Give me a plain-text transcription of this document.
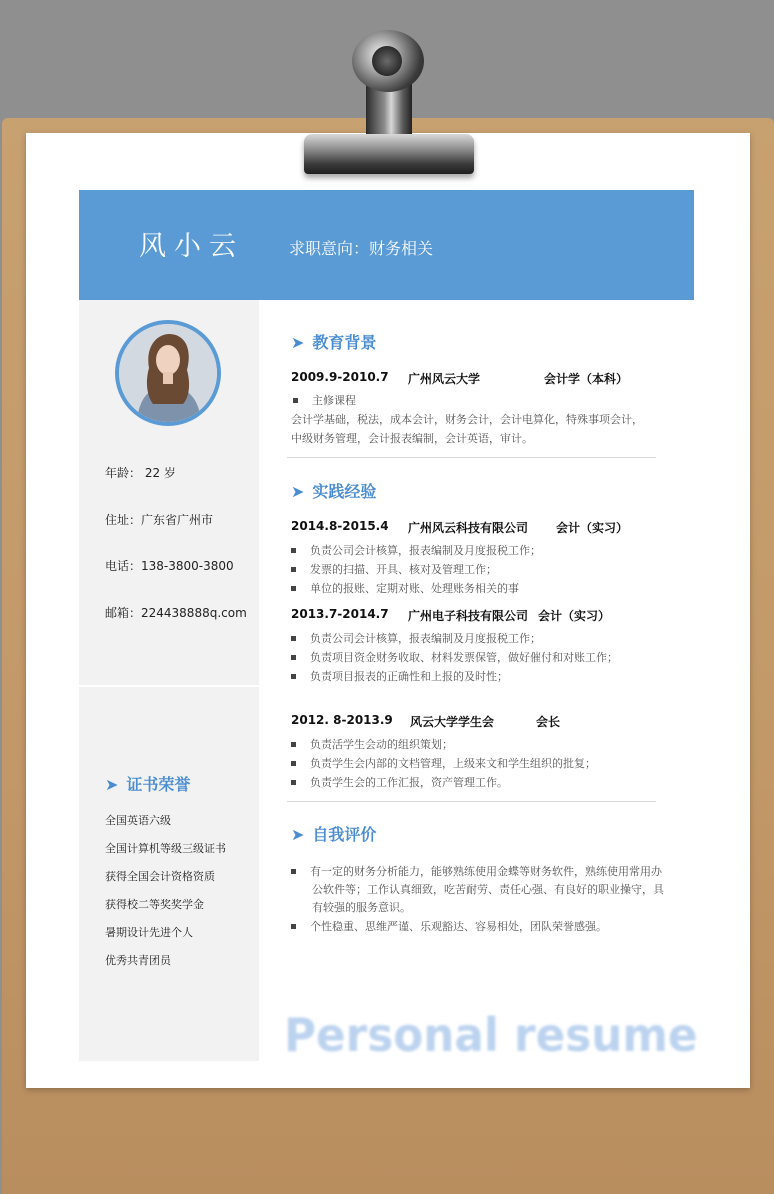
风小云	求职意向：财务相关
年龄： 22 岁
住址：广东省广州市
电话：138-3800-3800
邮箱：224438888q.com
➤ 证书荣誉
全国英语六级
全国计算机等级三级证书
获得全国会计资格资质
获得校二等奖奖学金
暑期设计先进个人
优秀共青团员
➤ 教育背景
2009.9-2010.7 广州风云大学	会计学（本科）
主修课程
会计学基础，税法，成本会计，财务会计，会计电算化，特殊事项会计，
中级财务管理，会计报表编制，会计英语，审计。
➤ 实践经验
2014.8-2015.4 广州风云科技有限公司 会计（实习）
负责公司会计核算，报表编制及月度报税工作；
发票的扫描、开具、核对及管理工作；
单位的报账、定期对账、处理账务相关的事
2013.7-2014.7 广州电子科技有限公司 会计（实习）
负责公司会计核算，报表编制及月度报税工作；
负责项目资金财务收取、材料发票保管，做好催付和对账工作；
负责项目报表的正确性和上报的及时性；
2012. 8-2013.9 风云大学学生会	会长
负责活学生会动的组织策划；
负责学生会内部的文档管理，上级来文和学生组织的批复；
负责学生会的工作汇报，资产管理工作。
➤ 自我评价
有一定的财务分析能力，能够熟练使用金蝶等财务软件，熟练使用常用办
公软件等；工作认真细致，吃苦耐劳、责任心强、有良好的职业操守，具
有较强的服务意识。
个性稳重、思维严谨、乐观豁达、容易相处，团队荣誉感强。
Personal resume
